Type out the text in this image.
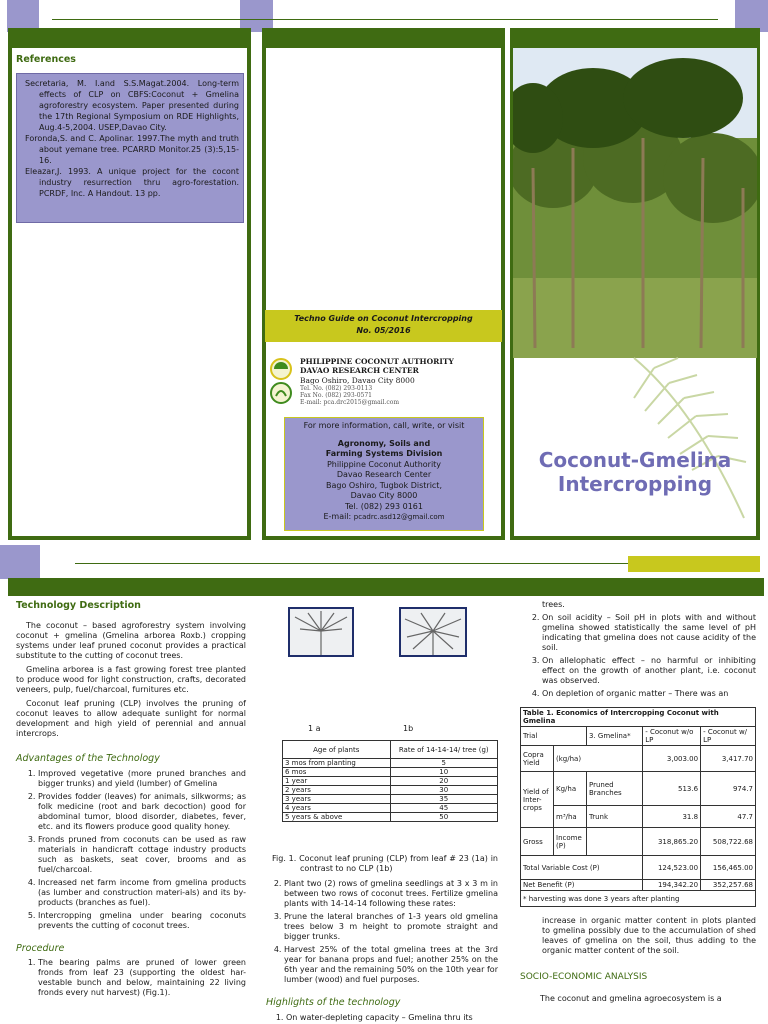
References
Secretaria, M. I.and S.S.Magat.2004. Long-term effects of CLP on CBFS:Coconut + Gmelina agroforestry ecosystem. Paper presented during the 17th Regional Symposium on RDE Highlights, Aug.4-5,2004. USEP,Davao City.
Foronda,S. and C. Apolinar. 1997.The myth and truth about yemane tree. PCARRD Monitor.25 (3):5,15-16.
Eleazar,J. 1993. A unique project for the cocont industry resurrection thru agro-forestation. PCRDF, Inc. A Handout. 13 pp.
Techno Guide on Coconut Intercropping
No. 05/2016
PHILIPPINE COCONUT AUTHORITY
DAVAO RESEARCH CENTER
Bago Oshiro, Davao City 8000
Tel. No. (082) 293-0113
Fax No. (082) 293-0571
E-mail: pca.drc2015@gmail.com
For more information, call, write, or visit
Agronomy, Soils and
Farming Systems Division
Philippine Coconut Authority
Davao Research Center
Bago Oshiro, Tugbok District,
Davao City 8000
Tel. (082) 293 0161
E-mail: pcadrc.asd12@gmail.com
Coconut-Gmelina
Intercropping
Technology Description

The coconut – based agroforestry system involving coconut + gmelina (Gmelina arborea Roxb.) cropping systems under leaf pruned coconut provides a practical substitute to the cutting of coconut trees.

Gmelina arborea is a fast growing forest tree planted to produce wood for light construction, crafts, decorated veneers, pulp, fuel/charcoal, furnitures etc.

Coconut leaf pruning (CLP) involves the pruning of coconut leaves to allow adequate sunlight for normal development and high yield of perennial and annual intercrops.

Advantages of the Technology
1. Improved vegetative (more pruned branches and bigger trunks) and yield (lumber) of Gmelina
2. Provides fodder (leaves) for animals, silkworms; as folk medicine (root and bark decoction) good for abdominal tumor, blood disorder, diabetes, fever, etc. and its flowers produce good quality honey.
3. Fronds pruned from coconuts can be used as raw materials in handicraft cottage industry products such as baskets, seat cover, brooms and as fuel/charcoal.
4. Increased net farm income from gmelina products (as lumber and construction materi-als) and its by-products (branches as fuel).
5. Intercropping gmelina under bearing coconuts prevents the cutting of coconut trees.
Procedure
1. The bearing palms are pruned of lower green fronds from leaf 23 (supporting the oldest har-vestable bunch and below, maintaining 22 living fronds every nut harvest) (Fig.1).
1 a	1b
Age of plants	Rate of 14-14-14/ tree (g)
3 mos from planting	5
6 mos	10
1 year	20
2 years	30
3 years	35
4 years	45
5 years & above	50

Fig. 1. Coconut leaf pruning (CLP) from leaf # 23 (1a) in contrast to no CLP (1b)

2. Plant two (2) rows of gmelina seedlings at 3 x 3 m in between two rows of coconut trees. Fertilize gmelina plants with 14-14-14 following these rates:
3. Prune the lateral branches of 1-3 years old gmelina trees below 3 m height to promote straight and bigger trunks.
4. Harvest 25% of the total gmelina trees at the 3rd year for banana props and fuel; another 25% on the 6th year and the remaining 50% on the 10th year for lumber (wood) and fuel purposes.
Highlights of the technology
1. On water-depleting capacity – Gmelina thru its
trees.
2. On soil acidity – Soil pH in plots with and without gmelina showed statistically the same level of pH indicating that gmelina does not cause acidity of the soil.
3. On allelophatic effect – no harmful or inhibiting effect on the growth of another plant, i.e. coconut was observed.
4. On depletion of organic matter – There was an
Table 1. Economics of Intercropping Coconut with Gmelina				
Trial		3. Gmelina*	- Coconut w/o LP	- Coconut w/ LP
Copra Yield	(kg/ha)		3,003.00	3,417.70
Yield of Inter-crops	Kg/ha	Pruned Branches	513.6	974.7
	m³/ha	Trunk	31.8	47.7
Gross	Income (P)		318,865.20	508,722.68
Total Variable Cost (P)			124,523.00	156,465.00
Net Benefit (P)			194,342.20	352,257.68
* harvesting was done 3 years after planting				

increase in organic matter content in plots planted to gmelina possibly due to the accumulation of shed leaves of gmelina on the soil, thus adding to the organic matter content of the soil.

SOCIO-ECONOMIC ANALYSIS

The coconut and gmelina agroecosystem is a
